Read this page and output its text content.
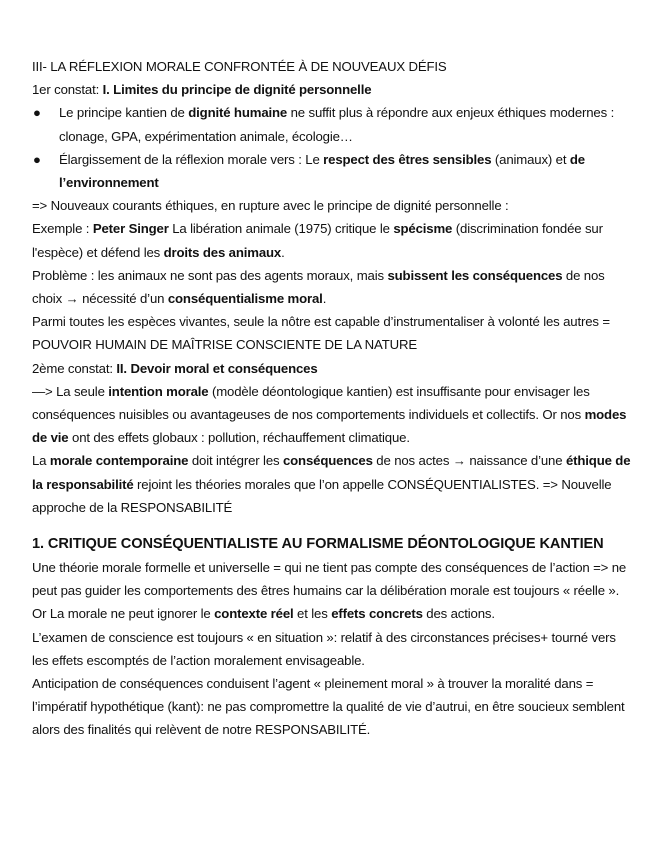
III- LA RÉFLEXION MORALE CONFRONTÉE À DE NOUVEAUX DÉFIS

1er constat: I. Limites du principe de dignité personnelle

● Le principe kantien de dignité humaine ne suffit plus à répondre aux enjeux éthiques modernes : clonage, GPA, expérimentation animale, écologie…

● Élargissement de la réflexion morale vers : Le respect des êtres sensibles (animaux) et de l’environnement

=> Nouveaux courants éthiques, en rupture avec le principe de dignité personnelle :

Exemple : Peter Singer La libération animale (1975) critique le spécisme (discrimination fondée sur l'espèce) et défend les droits des animaux.

Problème : les animaux ne sont pas des agents moraux, mais subissent les conséquences de nos choix → nécessité d’un conséquentialisme moral.

Parmi toutes les espèces vivantes, seule la nôtre est capable d’instrumentaliser à volonté les autres = POUVOIR HUMAIN DE MAÎTRISE CONSCIENTE DE LA NATURE

2ème constat: II. Devoir moral et conséquences

—> La seule intention morale (modèle déontologique kantien) est insuffisante pour envisager les conséquences nuisibles ou avantageuses de nos comportements individuels et collectifs. Or nos modes de vie ont des effets globaux : pollution, réchauffement climatique.

La morale contemporaine doit intégrer les conséquences de nos actes → naissance d’une éthique de la responsabilité rejoint les théories morales que l’on appelle CONSÉQUENTIALISTES. => Nouvelle approche de la RESPONSABILITÉ

1. CRITIQUE CONSÉQUENTIALISTE AU FORMALISME DÉONTOLOGIQUE KANTIEN

Une théorie morale formelle et universelle = qui ne tient pas compte des conséquences de l’action => ne peut pas guider les comportements des êtres humains car la délibération morale est toujours « réelle ». Or La morale ne peut ignorer le contexte réel et les effets concrets des actions.

L’examen de conscience est toujours « en situation »: relatif à des circonstances précises+ tourné vers les effets escomptés de l’action moralement envisageable.

Anticipation de conséquences conduisent l’agent « pleinement moral » à trouver la moralité dans = l’impératif hypothétique (kant): ne pas compromettre la qualité de vie d’autrui, en être soucieux semblent alors des finalités qui relèvent de notre RESPONSABILITÉ.
